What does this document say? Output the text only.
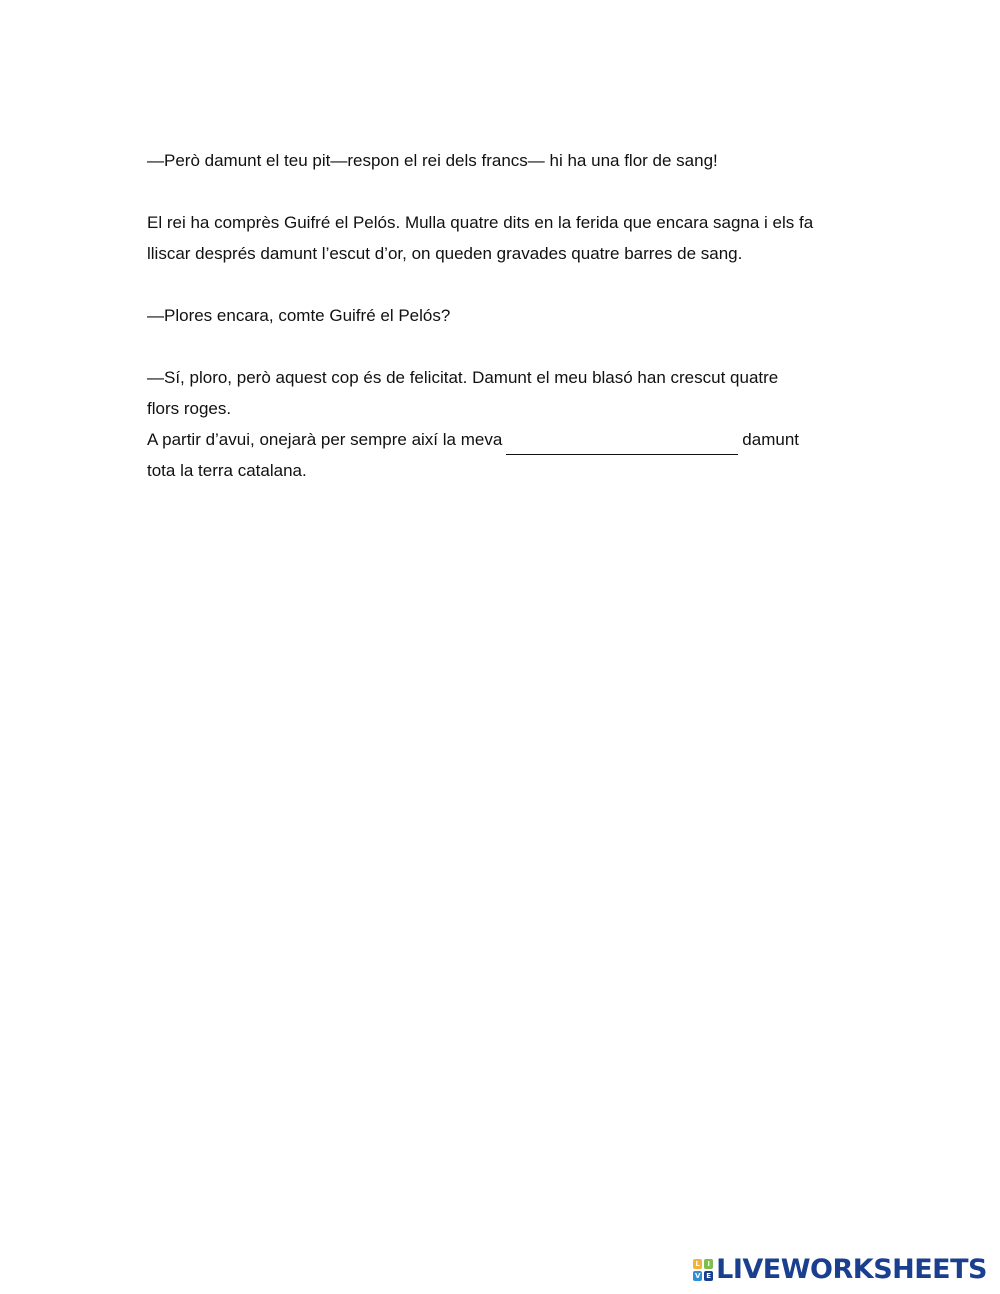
—Però damunt el teu pit—respon el rei dels francs— hi ha una flor de sang!

El rei ha comprès Guifré el Pelós. Mulla quatre dits en la ferida que encara sagna i els fa

lliscar després damunt l’escut d’or, on queden gravades quatre barres de sang.

—Plores encara, comte Guifré el Pelós?

—Sí, ploro, però aquest cop és de felicitat. Damunt el meu blasó han crescut quatre

flors roges.

A partir d’avui, onejarà per sempre així la meva	damunt

tota la terra catalana.

L	I
V E LIVEWORKSHEETS
